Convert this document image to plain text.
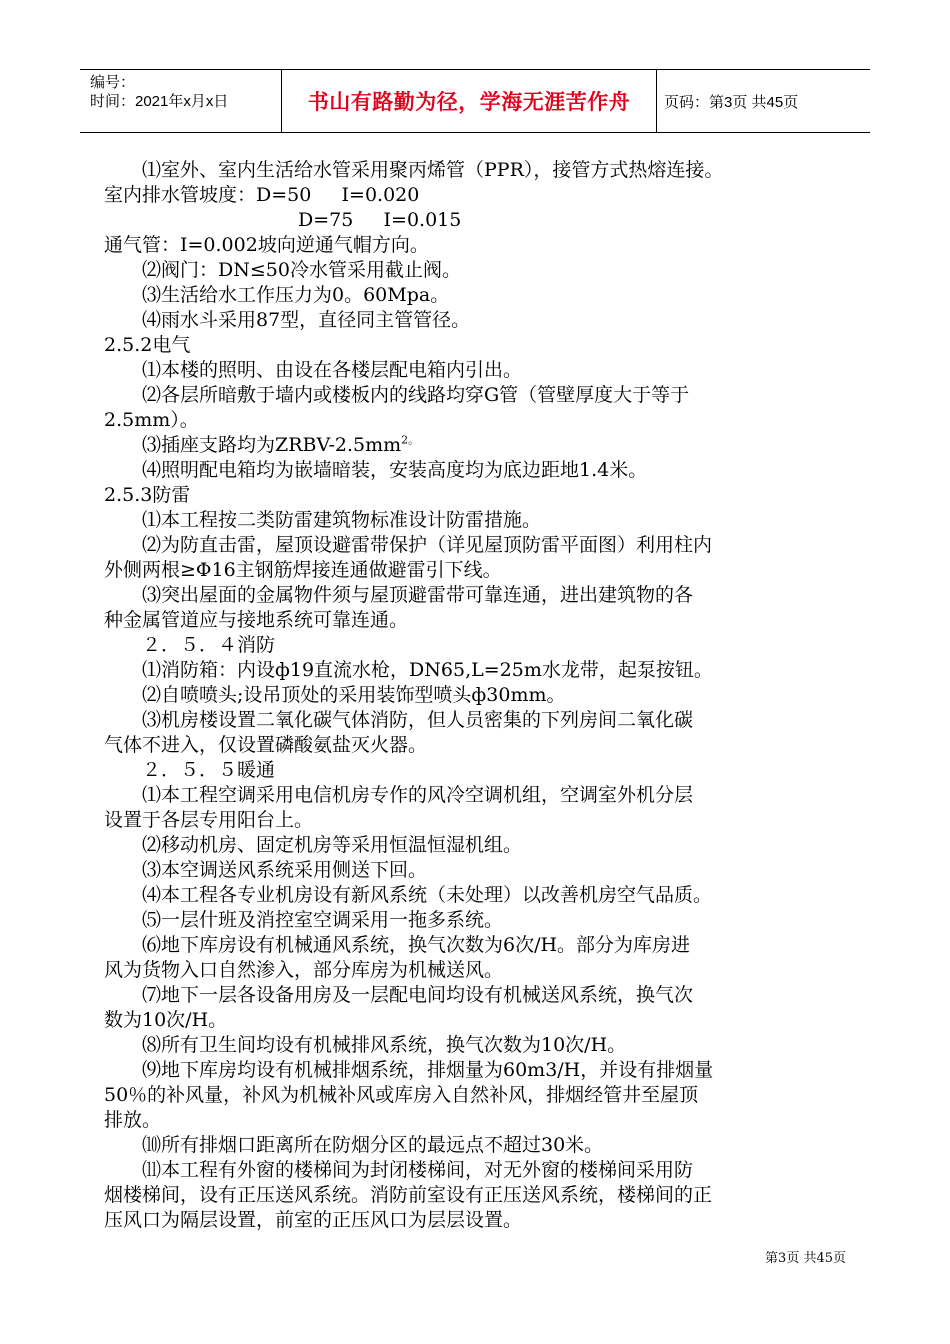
编号：
时间：2021年x月x日	书山有路勤为径，学海无涯苦作舟 页码：第3页 共45页

⑴室外、室内生活给水管采用聚丙烯管（PPR），接管方式热熔连接。

室内排水管坡度：D=50     I=0.020

D=75     I=0.015

通气管：I=0.002坡向逆通气帽方向。

⑵阀门：DN≤50冷水管采用截止阀。

⑶生活给水工作压力为0。60Mpa。

⑷雨水斗采用87型，直径同主管管径。

2.5.2电气

⑴本楼的照明、由设在各楼层配电箱内引出。

⑵各层所暗敷于墙内或楼板内的线路均穿G管（管壁厚度大于等于

2.5mm）。

⑶插座支路均为ZRBV-$2.5mm^{2。}$

⑷照明配电箱均为嵌墙暗装，安装高度均为底边距地1.4米。

2.5.3防雷

⑴本工程按二类防雷建筑物标准设计防雷措施。

⑵为防直击雷，屋顶设避雷带保护（详见屋顶防雷平面图）利用柱内

外侧两根≥Φ16主钢筋焊接连通做避雷引下线。

⑶突出屋面的金属物件须与屋顶避雷带可靠连通，进出建筑物的各

种金属管道应与接地系统可靠连通。

２．５．４消防

⑴消防箱：内设ф19直流水枪，DN65,L=25m水龙带，起泵按钮。

⑵自喷喷头;设吊顶处的采用装饰型喷头ф30mm。

⑶机房楼设置二氧化碳气体消防，但人员密集的下列房间二氧化碳

气体不进入，仅设置磷酸氨盐灭火器。

２．５．５暖通

⑴本工程空调采用电信机房专作的风冷空调机组，空调室外机分层

设置于各层专用阳台上。

⑵移动机房、固定机房等采用恒温恒湿机组。

⑶本空调送风系统采用侧送下回。

⑷本工程各专业机房设有新风系统（未处理）以改善机房空气品质。

⑸一层什班及消控室空调采用一拖多系统。

⑹地下库房设有机械通风系统，换气次数为6次/H。部分为库房进

风为货物入口自然渗入，部分库房为机械送风。

⑺地下一层各设备用房及一层配电间均设有机械送风系统，换气次

数为10次/H。

⑻所有卫生间均设有机械排风系统，换气次数为10次/H。

⑼地下库房均设有机械排烟系统，排烟量为60m3/H，并设有排烟量

50％的补风量，补风为机械补风或库房入自然补风，排烟经管井至屋顶

排放。

⑽所有排烟口距离所在防烟分区的最远点不超过30米。

⑾本工程有外窗的楼梯间为封闭楼梯间，对无外窗的楼梯间采用防

烟楼梯间，设有正压送风系统。消防前室设有正压送风系统，楼梯间的正

压风口为隔层设置，前室的正压风口为层层设置。

第3页 共45页
